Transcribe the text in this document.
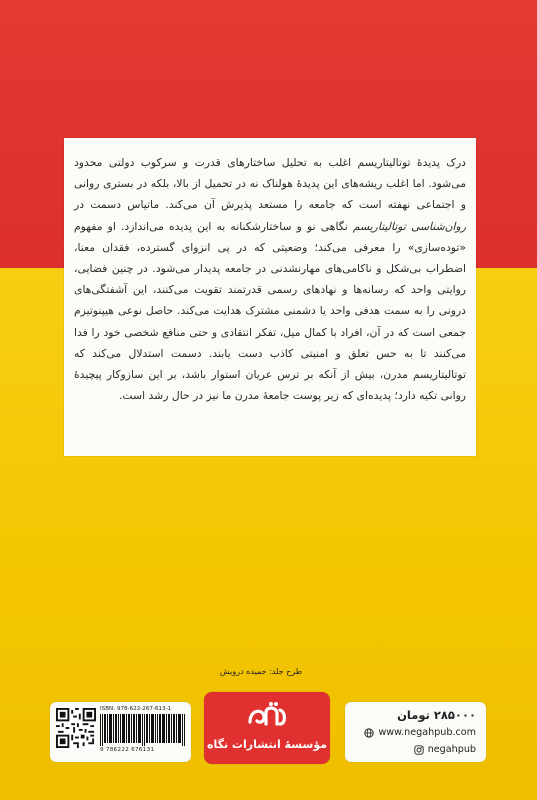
درک پدیدهٔ توتالیتاریسم اغلب به تحلیل ساختارهای قدرت و سرکوب دولتی محدود می‌شود. اما اغلب ریشه‌های این پدیدهٔ هولناک نه در تحمیل از بالا، بلکه در بستری روانی و اجتماعی نهفته است که جامعه را مستعد پذیرش آن می‌کند. ماتیاس دسمت در روان‌شناسی توتالیتاریسم نگاهی نو و ساختارشکنانه به این پدیده می‌اندازد. او مفهوم «توده‌سازی» را معرفی می‌کند؛ وضعیتی که در پی انزوای گسترده، فقدان معنا، اضطراب بی‌شکل و ناکامی‌های مهارنشدنی در جامعه پدیدار می‌شود. در چنین فضایی، روایتی واحد که رسانه‌ها و نهادهای رسمی قدرتمند تقویت می‌کنند، این آشفتگی‌های درونی را به سمت هدفی واحد یا دشمنی مشترک هدایت می‌کند. حاصل نوعی هیپنوتیزم جمعی است که در آن، افراد با کمال میل، تفکر انتقادی و حتی منافع شخصی خود را فدا می‌کنند تا به حس تعلق و امنیتی کاذب دست یابند. دسمت استدلال می‌کند که توتالیتاریسم مدرن، بیش از آنکه بر ترس عریان استوار باشد، بر این سازوکار پیچیدهٔ روانی تکیه دارد؛ پدیده‌ای که زیر پوست جامعهٔ مدرن ما نیز در حال رشد است.

طرح جلد: حمیده درویش
ISBN: 978-622-267-613-1
9 786222 676131	مؤسسهٔ انتشارات نگاه
۲۸۵۰۰۰ تومان
www.negahpub.com
negahpub
